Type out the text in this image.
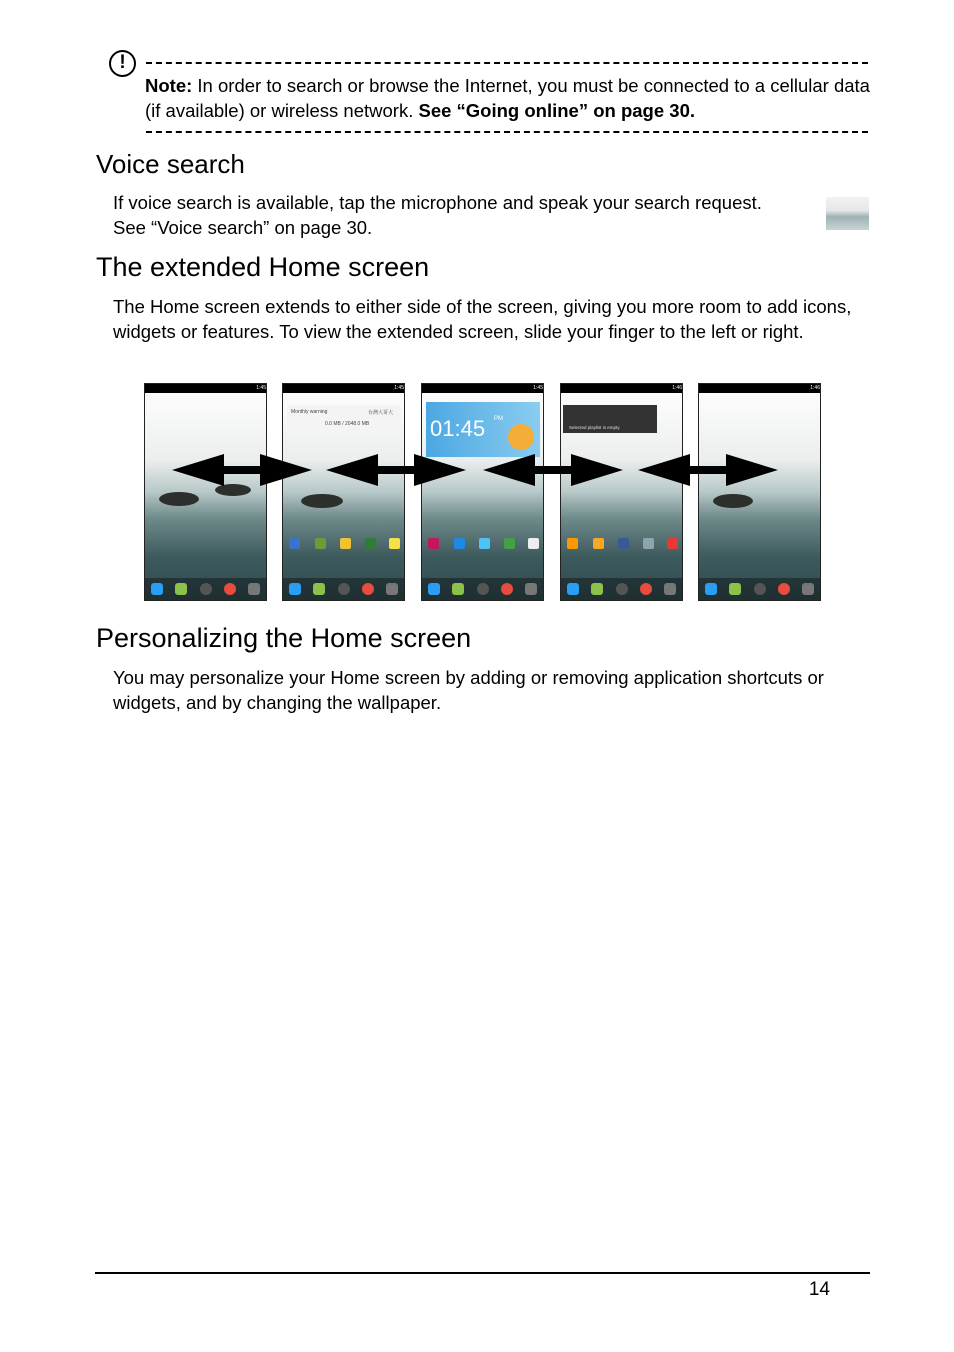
!
Note: In order to search or browse the Internet, you must be connected to a cellular data (if available) or wireless network. See “Going online” on page 30.
Voice search
If voice search is available, tap the microphone and speak your search request. See “Voice search” on page 30.
The extended Home screen
The Home screen extends to either side of the screen, giving you more room to add icons, widgets or features. To view the extended screen, slide your finger to the left or right.
1:45	1:45
Monthly warning	台灣大哥大
0.0 MB / 2048.0 MB
1:45
01:45 PM
1:46
Selected playlist is empty.
1:46
Personalizing the Home screen
You may personalize your Home screen by adding or removing application shortcuts or widgets, and by changing the wallpaper.
14
